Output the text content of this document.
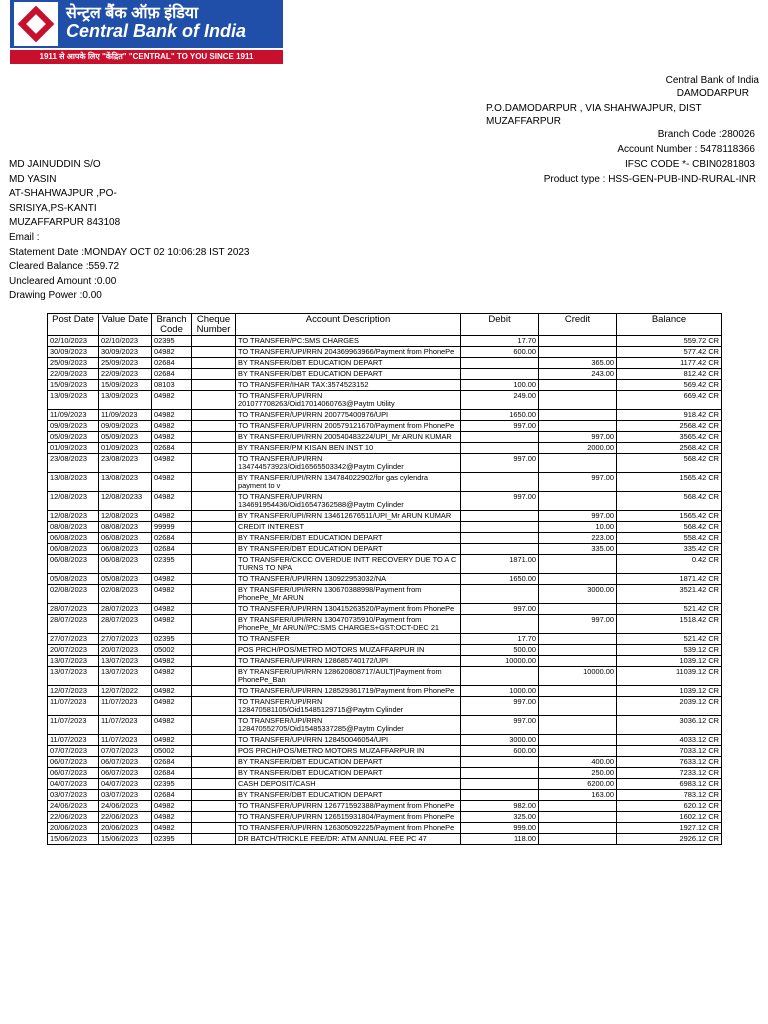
सेन्ट्रल बैंक ऑफ़ इंडिया
Central Bank of India
1911 से आपके लिए "केंद्रित" "CENTRAL" TO YOU SINCE 1911
Central Bank of India
DAMODARPUR
P.O.DAMODARPUR , VIA SHAHWAJPUR, DIST
MUZAFFARPUR
Branch Code :280026
Account Number : 5478118366
IFSC CODE *- CBIN0281803
Product type : HSS-GEN-PUB-IND-RURAL-INR
MD JAINUDDIN S/O
MD YASIN
AT-SHAHWAJPUR ,PO-
SRISIYA,PS-KANTI
MUZAFFARPUR 843108
Email :
Statement Date :MONDAY OCT 02 10:06:28 IST 2023
Cleared Balance :559.72
Uncleared Amount :0.00
Drawing Power :0.00
Post Date	Value Date	Branch Code	Cheque Number	Account Description	Debit	Credit	Balance
02/10/2023	02/10/2023	02395		TO TRANSFER/PC:SMS CHARGES	17.70		559.72 CR
30/09/2023	30/09/2023	04982		TO TRANSFER/UPI/RRN 204369963966/Payment from PhonePe	600.00		577.42 CR
25/09/2023	25/09/2023	02684		BY TRANSFER/DBT EDUCATION DEPART		365.00	1177.42 CR
22/09/2023	22/09/2023	02684		BY TRANSFER/DBT EDUCATION DEPART		243.00	812.42 CR
15/09/2023	15/09/2023	08103		TO TRANSFER/IHAR TAX:3574523152	100.00		569.42 CR
13/09/2023	13/09/2023	04982		TO TRANSFER/UPI/RRN 201077708263/Oid17014060763@Paytm Utility	249.00		669.42 CR
11/09/2023	11/09/2023	04982		TO TRANSFER/UPI/RRN 200775400976/UPI	1650.00		918.42 CR
09/09/2023	09/09/2023	04982		TO TRANSFER/UPI/RRN 200579121670/Payment from PhonePe	997.00		2568.42 CR
05/09/2023	05/09/2023	04982		BY TRANSFER/UPI/RRN 200540483224/UPI_Mr ARUN KUMAR		997.00	3565.42 CR
01/09/2023	01/09/2023	02684		BY TRANSFER/PM KISAN BEN INST 10		2000.00	2568.42 CR
23/08/2023	23/08/2023	04982		TO TRANSFER/UPI/RRN 134744573923/Oid16565503342@Paytm Cylinder	997.00		568.42 CR
13/08/2023	13/08/2023	04982		BY TRANSFER/UPI/RRN 134784022902/for gas cylendra payment to v		997.00	1565.42 CR
12/08/2023	12/08/20233	04982		TO TRANSFER/UPI/RRN 134691954436/Oid16547362588@Paytm Cylinder	997.00		568.42 CR
12/08/2023	12/08/2023	04982		BY TRANSFER/UPI/RRN 134612676511/UPI_Mr ARUN KUMAR		997.00	1565.42 CR
08/08/2023	08/08/2023	99999		CREDIT INTEREST		10.00	568.42 CR
06/08/2023	06/08/2023	02684		BY TRANSFER/DBT EDUCATION DEPART		223.00	558.42 CR
06/08/2023	06/08/2023	02684		BY TRANSFER/DBT EDUCATION DEPART		335.00	335.42 CR
06/08/2023	06/08/2023	02395		TO TRANSFER/CKCC OVERDUE INTT RECOVERY DUE TO A C TURNS TO NPA	1871.00		0.42 CR
05/08/2023	05/08/2023	04982		TO TRANSFER/UPI/RRN 130922953032/NA	1650.00		1871.42 CR
02/08/2023	02/08/2023	04982		BY TRANSFER/UPI/RRN 130670388998/Payment from PhonePe_Mr ARUN		3000.00	3521.42 CR
28/07/2023	28/07/2023	04982		TO TRANSFER/UPI/RRN 130415263520/Payment from PhonePe	997.00		521.42 CR
28/07/2023	28/07/2023	04982		BY TRANSFER/UPI/RRN 130470735910/Payment from PhonePe_Mr ARUN//PC:SMS CHARGES+GST:OCT-DEC 21		997.00	1518.42 CR
27/07/2023	27/07/2023	02395		TO TRANSFER	17.70		521.42 CR
20/07/2023	20/07/2023	05002		POS PRCH/POS/METRO MOTORS MUZAFFARPUR IN	500.00		539.12 CR
13/07/2023	13/07/2023	04982		TO TRANSFER/UPI/RRN 128685740172/UPI	10000.00		1039.12 CR
13/07/2023	13/07/2023	04982		BY TRANSFER/UPI/RRN 128620808717/AULT|Payment from PhonePe_Ban		10000.00	11039.12 CR
12/07/2023	12/07/2022	04982		TO TRANSFER/UPI/RRN 128529361719/Payment from PhonePe	1000.00		1039.12 CR
11/07/2023	11/07/2023	04982		TO TRANSFER/UPI/RRN 128470581105/Oid15485129715@Paytm Cylinder	997.00		2039.12 CR
11/07/2023	11/07/2023	04982		TO TRANSFER/UPI/RRN 128470552705/Oid15485337285@Paytm Cylinder	997.00		3036.12 CR
11/07/2023	11/07/2023	04982		TO TRANSFER/UPI/RRN 128450046054/UPI	3000.00		4033.12 CR
07/07/2023	07/07/2023	05002		POS PRCH/POS/METRO MOTORS MUZAFFARPUR IN	600.00		7033.12 CR
06/07/2023	06/07/2023	02684		BY TRANSFER/DBT EDUCATION DEPART		400.00	7633.12 CR
06/07/2023	06/07/2023	02684		BY TRANSFER/DBT EDUCATION DEPART		250.00	7233.12 CR
04/07/2023	04/07/2023	02395		CASH DEPOSIT/CASH		6200.00	6983.12 CR
03/07/2023	03/07/2023	02684		BY TRANSFER/DBT EDUCATION DEPART		163.00	783.12 CR
24/06/2023	24/06/2023	04982		TO TRANSFER/UPI/RRN 126771592388/Payment from PhonePe	982.00		620.12 CR
22/06/2023	22/06/2023	04982		TO TRANSFER/UPI/RRN 126515931804/Payment from PhonePe	325.00		1602.12 CR
20/06/2023	20/06/2023	04982		TO TRANSFER/UPI/RRN 126305092225/Payment from PhonePe	999.00		1927.12 CR
15/06/2023	15/06/2023	02395		DR BATCH/TRICKLE FEE/DR: ATM ANNUAL FEE PC 47	118.00		2926.12 CR
